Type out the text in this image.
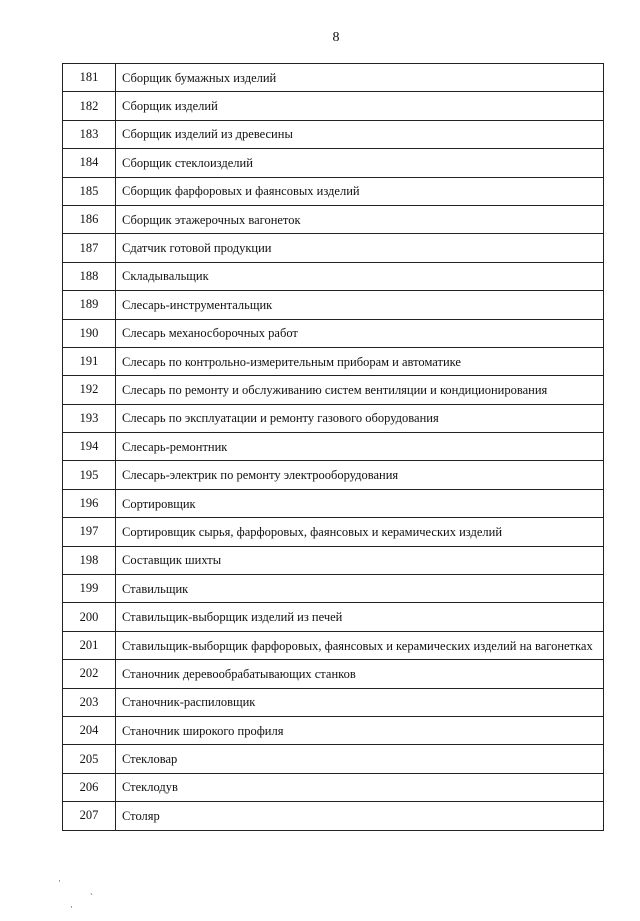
8
181	Сборщик бумажных изделий
182	Сборщик изделий
183	Сборщик изделий из древесины
184	Сборщик стеклоизделий
185	Сборщик фарфоровых и фаянсовых изделий
186	Сборщик этажерочных вагонеток
187	Сдатчик готовой продукции
188	Складывальщик
189	Слесарь-инструментальщик
190	Слесарь механосборочных работ
191	Слесарь по контрольно-измерительным приборам и автоматике
192	Слесарь по ремонту и обслуживанию систем вентиляции и кондиционирования
193	Слесарь по эксплуатации и ремонту газового оборудования
194	Слесарь-ремонтник
195	Слесарь-электрик по ремонту электрооборудования
196	Сортировщик
197	Сортировщик сырья, фарфоровых, фаянсовых и керамических изделий
198	Составщик шихты
199	Ставильщик
200	Ставильщик-выборщик изделий из печей
201	Ставильщик-выборщик фарфоровых, фаянсовых и керамических изделий на вагонетках
202	Станочник деревообрабатывающих станков
203	Станочник-распиловщик
204	Станочник широкого профиля
205	Стекловар
206	Стеклодув
207	Столяр
·
`
·
